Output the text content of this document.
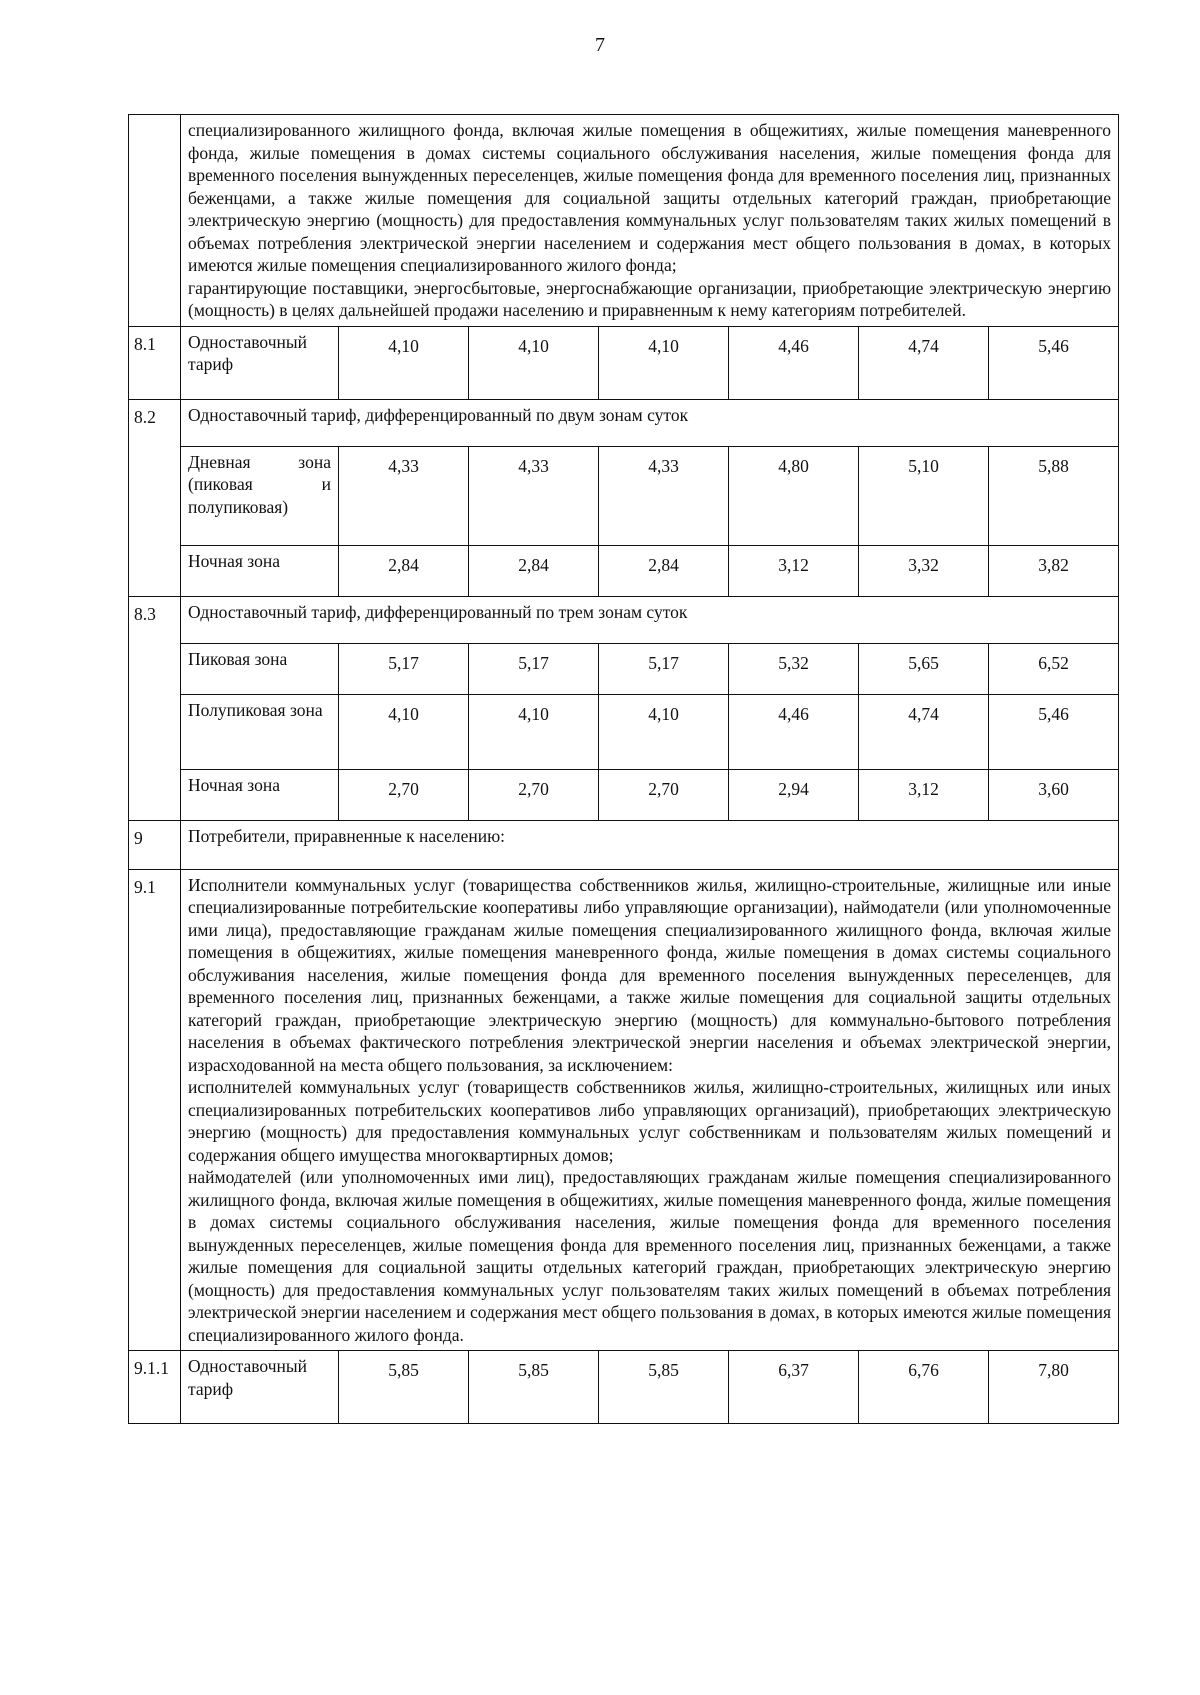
7

	специализированного жилищного фонда, включая жилые помещения в общежитиях, жилые помещения маневренного фонда, жилые помещения в домах системы социального обслуживания населения, жилые помещения фонда для временного поселения вынужденных переселенцев, жилые помещения фонда для временного поселения лиц, признанных беженцами, а также жилые помещения для социальной защиты отдельных категорий граждан, приобретающие электрическую энергию (мощность) для предоставления коммунальных услуг пользователям таких жилых помещений в объемах потребления электрической энергии населением и содержания мест общего пользования в домах, в которых имеются жилые помещения специализированного жилого фонда;
гарантирующие поставщики, энергосбытовые, энергоснабжающие организации, приобретающие электрическую энергию (мощность) в целях дальнейшей продажи населению и приравненным к нему категориям потребителей.						

8.1	Одноставочный тариф	4,10	4,10	4,10	4,46	4,74	5,46
8.2	Одноставочный тариф, дифференцированный по двум зонам суток						
	Дневная зона (пиковая и полупиковая)	4,33	4,33	4,33	4,80	5,10	5,88
	Ночная зона	2,84	2,84	2,84	3,12	3,32	3,82
8.3	Одноставочный тариф, дифференцированный по трем зонам суток						
	Пиковая зона	5,17	5,17	5,17	5,32	5,65	6,52
	Полупиковая зона	4,10	4,10	4,10	4,46	4,74	5,46
	Ночная зона	2,70	2,70	2,70	2,94	3,12	3,60
9	Потребители, приравненные к населению:						
9.1	Исполнители коммунальных услуг (товарищества собственников жилья, жилищно-строительные, жилищные или иные специализированные потребительские кооперативы либо управляющие организации), наймодатели (или уполномоченные ими лица), предоставляющие гражданам жилые помещения специализированного жилищного фонда, включая жилые помещения в общежитиях, жилые помещения маневренного фонда, жилые помещения в домах системы социального обслуживания населения, жилые помещения фонда для временного поселения вынужденных переселенцев, для временного поселения лиц, признанных беженцами, а также жилые помещения для социальной защиты отдельных категорий граждан, приобретающие электрическую энергию (мощность) для коммунально-бытового потребления населения в объемах фактического потребления электрической энергии населения и объемах электрической энергии, израсходованной на места общего пользования, за исключением:
исполнителей коммунальных услуг (товариществ собственников жилья, жилищно-строительных, жилищных или иных специализированных потребительских кооперативов либо управляющих организаций), приобретающих электрическую энергию (мощность) для предоставления коммунальных услуг собственникам и пользователям жилых помещений и содержания общего имущества многоквартирных домов;
наймодателей (или уполномоченных ими лиц), предоставляющих гражданам жилые помещения специализированного жилищного фонда, включая жилые помещения в общежитиях, жилые помещения маневренного фонда, жилые помещения в домах системы социального обслуживания населения, жилые помещения фонда для временного поселения вынужденных переселенцев, жилые помещения фонда для временного поселения лиц, признанных беженцами, а также жилые помещения для социальной защиты отдельных категорий граждан, приобретающих электрическую энергию (мощность) для предоставления коммунальных услуг пользователям таких жилых помещений в объемах потребления электрической энергии населением и содержания мест общего пользования в домах, в которых имеются жилые помещения специализированного жилого фонда.						

9.1.1	Одноставочный тариф	5,85	5,85	5,85	6,37	6,76	7,80
